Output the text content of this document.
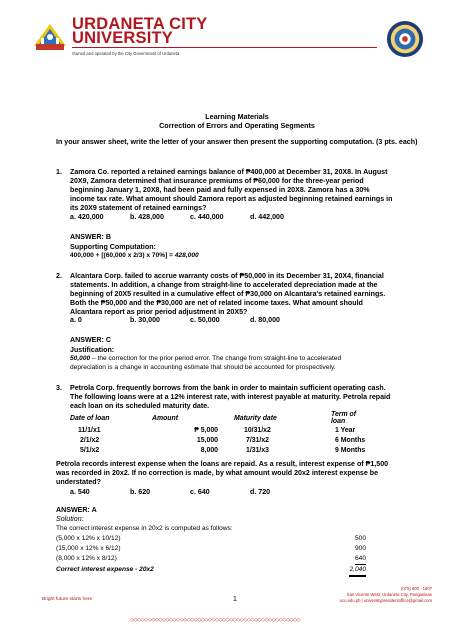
URDANETA CITY
UNIVERSITY
Owned and operated by the City Government of Urdaneta
Learning Materials
Correction of Errors and Operating Segments
In your answer sheet, write the letter of your answer then present the supporting computation. (3 pts. each)
1. Zamora Co. reported a retained earnings balance of ₱400,000 at December 31, 20X8. In August
20X9, Zamora determined that insurance premiums of ₱60,000 for the three-year period
beginning January 1, 20X8, had been paid and fully expensed in 20X8. Zamora has a 30%
income tax rate. What amount should Zamora report as adjusted beginning retained earnings in
its 20X9 statement of retained earnings?
a. 420,000	b. 428,000	c. 440,000	d. 442,000
ANSWER: B
Supporting Computation:
400,000 + [(60,000 x 2/3) x 70%] = 428,000
2. Alcantara Corp. failed to accrue warranty costs of ₱50,000 in its December 31, 20X4, financial
statements. In addition, a change from straight-line to accelerated depreciation made at the
beginning of 20X5 resulted in a cumulative effect of ₱30,000 on Alcantara's retained earnings.
Both the ₱50,000 and the ₱30,000 are net of related income taxes. What amount should
Alcantara report as prior period adjustment in 20X5?
a. 0	b. 30,000	c. 50,000	d. 80,000
ANSWER: C
Justification:
50,000 – the correction for the prior period error. The change from straight-line to accelerated
depreciation is a change in accounting estimate that should be accounted for prospectively.
3. Petrola Corp. frequently borrows from the bank in order to maintain sufficient operating cash.
The following loans were at a 12% interest rate, with interest payable at maturity. Petrola repaid
each loan on its scheduled maturity date.
Date of loan	Amount	Maturity date	Term of loan
11/1/x1	₱ 5,000	10/31/x2	1 Year
2/1/x2	15,000	7/31/x2	6 Months
5/1/x2	8,000	1/31/x3	9 Months
Petrola records interest expense when the loans are repaid. As a result, interest expense of ₱1,500
was recorded in 20x2. If no correction is made, by what amount would 20x2 interest expense be
understated?
a. 540	b. 620	c. 640	d. 720
ANSWER: A
Solution:
The correct interest expense in 20x2 is computed as follows:
(5,000 x 12% x 10/12)	500
(15,000 x 12% x 6/12)	900
(8,000 x 12% x 8/12)	640
Correct interest expense - 20x2	2,040
(075) 600 - 1507
San Vicente West, Urdaneta City, Pangasinan
ucu.edu.ph | universitypresidentoffice@gmail.com
Bright future starts here	1
◇◇◇◇◇◇◇◇◇◇◇◇◇◇◇◇◇◇◇◇◇◇◇◇◇◇◇◇◇◇◇◇◇◇◇◇◇◇◇◇◇◇◇◇◇◇◇◇
